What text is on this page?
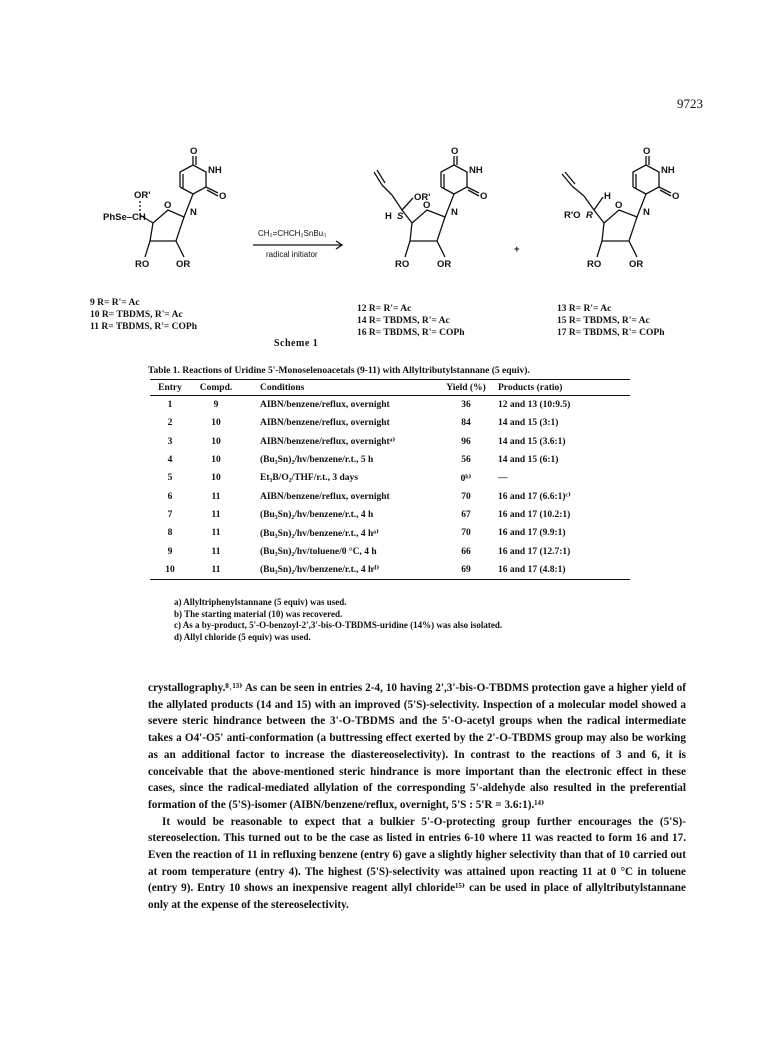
9723
+
CH₂=CHCH₂SnBu₃
radical initiator
O
NH
O
N
O
OR'
PhSe–CH
RO	OR
O
NH
O
N
O
OR'
H S
RO	OR
O
NH
O
N
O
H
R'O R
RO	OR
9 R= R'= Ac
10 R= TBDMS, R'= Ac
11 R= TBDMS, R'= COPh
12 R= R'= Ac
14 R= TBDMS, R'= Ac
16 R= TBDMS, R'= COPh
13 R= R'= Ac
15 R= TBDMS, R'= Ac
17 R= TBDMS, R'= COPh
Scheme 1
Table 1. Reactions of Uridine 5'-Monoselenoacetals (9-11) with Allyltributylstannane (5 equiv).
Entry	Compd.	Conditions	Yield (%)	Products (ratio)
1	9	AIBN/benzene/reflux, overnight	36	12 and 13 (10:9.5)
2	10	AIBN/benzene/reflux, overnight	84	14 and 15 (3:1)
3	10	AIBN/benzene/reflux, overnightᵃ⁾	96	14 and 15 (3.6:1)
4	10	(Bu₃Sn)₂/hv/benzene/r.t., 5 h	56	14 and 15 (6:1)
5	10	Et₃B/O₂/THF/r.t., 3 days	0ᵇ⁾	—
6	11	AIBN/benzene/reflux, overnight	70	16 and 17 (6.6:1)ᶜ⁾
7	11	(Bu₃Sn)₂/hv/benzene/r.t., 4 h	67	16 and 17 (10.2:1)
8	11	(Bu₃Sn)₂/hv/benzene/r.t., 4 hᵃ⁾	70	16 and 17 (9.9:1)
9	11	(Bu₃Sn)₂/hv/toluene/0 °C, 4 h	66	16 and 17 (12.7:1)
10	11	(Bu₃Sn)₂/hv/benzene/r.t., 4 hᵈ⁾	69	16 and 17 (4.8:1)
a) Allyltriphenylstannane (5 equiv) was used.
b) The starting material (10) was recovered.
c) As a by-product, 5'-O-benzoyl-2',3'-bis-O-TBDMS-uridine (14%) was also isolated.
d) Allyl chloride (5 equiv) was used.

crystallography.⁸˒¹³⁾ As can be seen in entries 2-4, 10 having 2',3'-bis-O-TBDMS protection gave a higher yield of the allylated products (14 and 15) with an improved (5'S)-selectivity. Inspection of a molecular model showed a severe steric hindrance between the 3'-O-TBDMS and the 5'-O-acetyl groups when the radical intermediate takes a O4'-O5' anti-conformation (a buttressing effect exerted by the 2'-O-TBDMS group may also be working as an additional factor to increase the diastereoselectivity). In contrast to the reactions of 3 and 6, it is conceivable that the above-mentioned steric hindrance is more important than the electronic effect in these cases, since the radical-mediated allylation of the corresponding 5'-aldehyde also resulted in the preferential formation of the (5'S)-isomer (AIBN/benzene/reflux, overnight, 5'S : 5'R = 3.6:1).¹⁴⁾

It would be reasonable to expect that a bulkier 5'-O-protecting group further encourages the (5'S)-stereoselection. This turned out to be the case as listed in entries 6-10 where 11 was reacted to form 16 and 17. Even the reaction of 11 in refluxing benzene (entry 6) gave a slightly higher selectivity than that of 10 carried out at room temperature (entry 4). The highest (5'S)-selectivity was attained upon reacting 11 at 0 °C in toluene (entry 9). Entry 10 shows an inexpensive reagent allyl chloride¹⁵⁾ can be used in place of allyltributylstannane only at the expense of the stereoselectivity.
